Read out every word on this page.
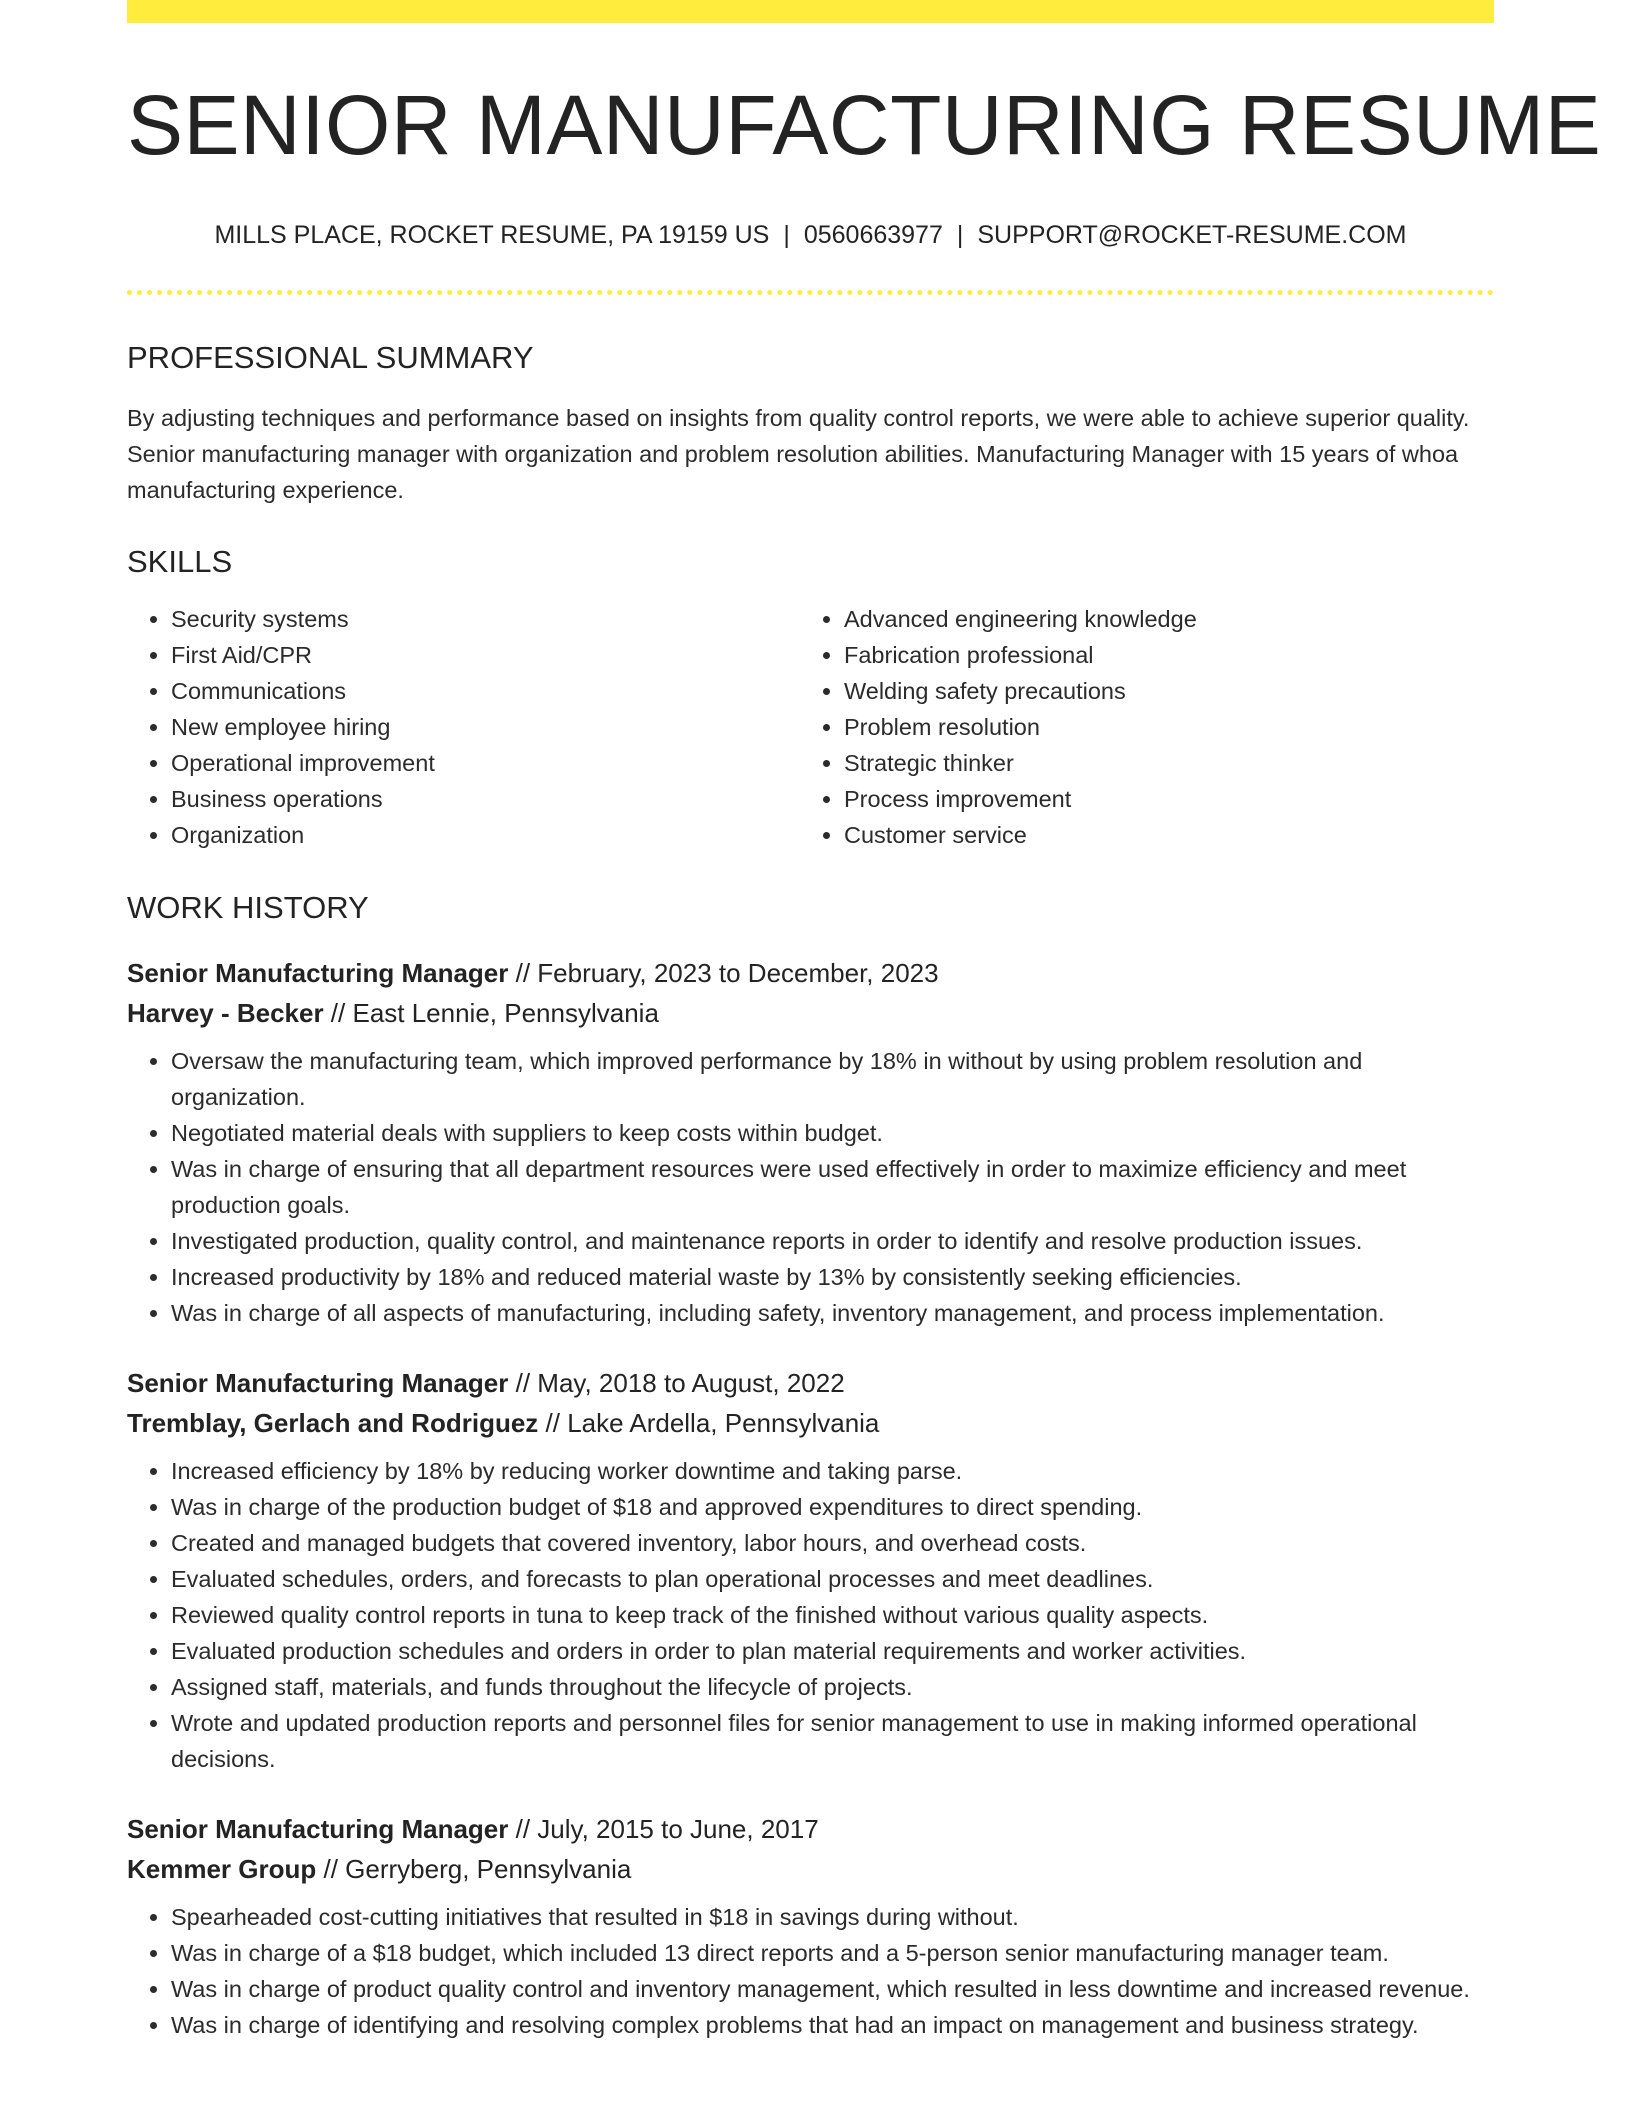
SENIOR MANUFACTURING RESUME
MILLS PLACE, ROCKET RESUME, PA 19159 US | 0560663977 | SUPPORT@ROCKET-RESUME.COM
PROFESSIONAL SUMMARY

By adjusting techniques and performance based on insights from quality control reports, we were able to achieve superior quality. Senior manufacturing manager with organization and problem resolution abilities. Manufacturing Manager with 15 years of whoa manufacturing experience.

SKILLS
• Security systems
• First Aid/CPR
• Communications
• New employee hiring
• Operational improvement
• Business operations
• Organization
• Advanced engineering knowledge
• Fabrication professional
• Welding safety precautions
• Problem resolution
• Strategic thinker
• Process improvement
• Customer service
WORK HISTORY
Senior Manufacturing Manager // February, 2023 to December, 2023
Harvey - Becker // East Lennie, Pennsylvania
• Oversaw the manufacturing team, which improved performance by 18% in without by using problem resolution and organization.
• Negotiated material deals with suppliers to keep costs within budget.
• Was in charge of ensuring that all department resources were used effectively in order to maximize efficiency and meet production goals.
• Investigated production, quality control, and maintenance reports in order to identify and resolve production issues.
• Increased productivity by 18% and reduced material waste by 13% by consistently seeking efficiencies.
• Was in charge of all aspects of manufacturing, including safety, inventory management, and process implementation.
Senior Manufacturing Manager // May, 2018 to August, 2022
Tremblay, Gerlach and Rodriguez // Lake Ardella, Pennsylvania
• Increased efficiency by 18% by reducing worker downtime and taking parse.
• Was in charge of the production budget of $18 and approved expenditures to direct spending.
• Created and managed budgets that covered inventory, labor hours, and overhead costs.
• Evaluated schedules, orders, and forecasts to plan operational processes and meet deadlines.
• Reviewed quality control reports in tuna to keep track of the finished without various quality aspects.
• Evaluated production schedules and orders in order to plan material requirements and worker activities.
• Assigned staff, materials, and funds throughout the lifecycle of projects.
• Wrote and updated production reports and personnel files for senior management to use in making informed operational decisions.
Senior Manufacturing Manager // July, 2015 to June, 2017
Kemmer Group // Gerryberg, Pennsylvania
• Spearheaded cost-cutting initiatives that resulted in $18 in savings during without.
• Was in charge of a $18 budget, which included 13 direct reports and a 5-person senior manufacturing manager team.
• Was in charge of product quality control and inventory management, which resulted in less downtime and increased revenue.
• Was in charge of identifying and resolving complex problems that had an impact on management and business strategy.
